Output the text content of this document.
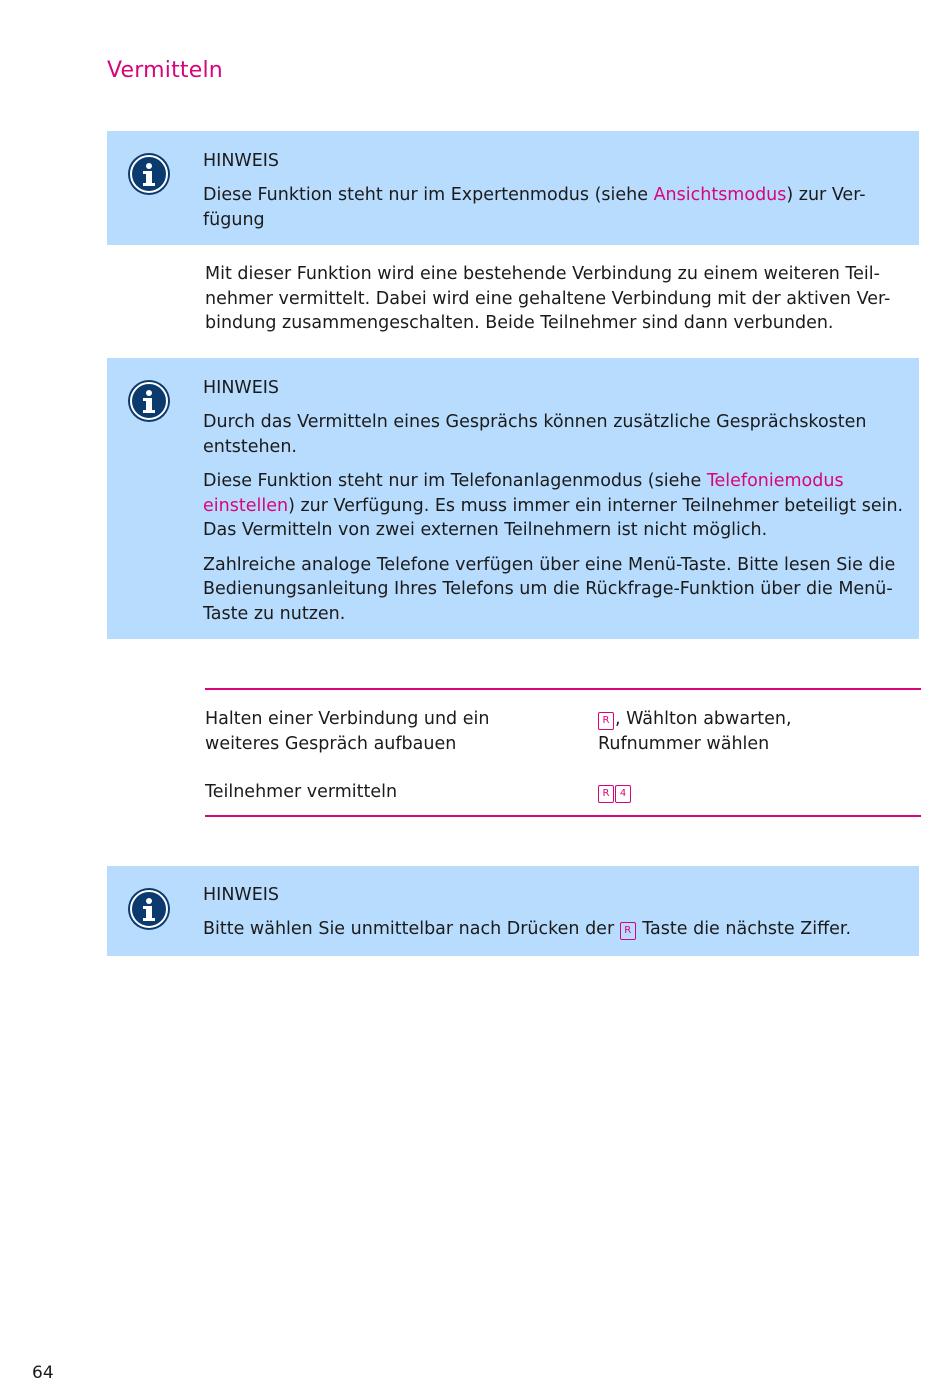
Vermitteln
HINWEIS

Diese Funktion steht nur im Expertenmodus (siehe Ansichtsmodus) zur Ver-fügung

Mit dieser Funktion wird eine bestehende Verbindung zu einem weiteren Teil-nehmer vermittelt. Dabei wird eine gehaltene Verbindung mit der aktiven Ver-bindung zusammengeschalten. Beide Teilnehmer sind dann verbunden.

HINWEIS

Durch das Vermitteln eines Gesprächs können zusätzliche Gesprächskosten entstehen.

Diese Funktion steht nur im Telefonanlagenmodus (siehe Telefoniemodus einstellen) zur Verfügung. Es muss immer ein interner Teilnehmer beteiligt sein. Das Vermitteln von zwei externen Teilnehmern ist nicht möglich.

Zahlreiche analoge Telefone verfügen über eine Menü-Taste. Bitte lesen Sie die Bedienungsanleitung Ihres Telefons um die Rückfrage-Funktion über die Menü-Taste zu nutzen.

Halten einer Verbindung und ein
weiteres Gespräch aufbauen
R , Wählton abwarten,
Rufnummer wählen
Teilnehmer vermitteln	R 4
HINWEIS

Bitte wählen Sie unmittelbar nach Drücken der R Taste die nächste Ziffer.

64
